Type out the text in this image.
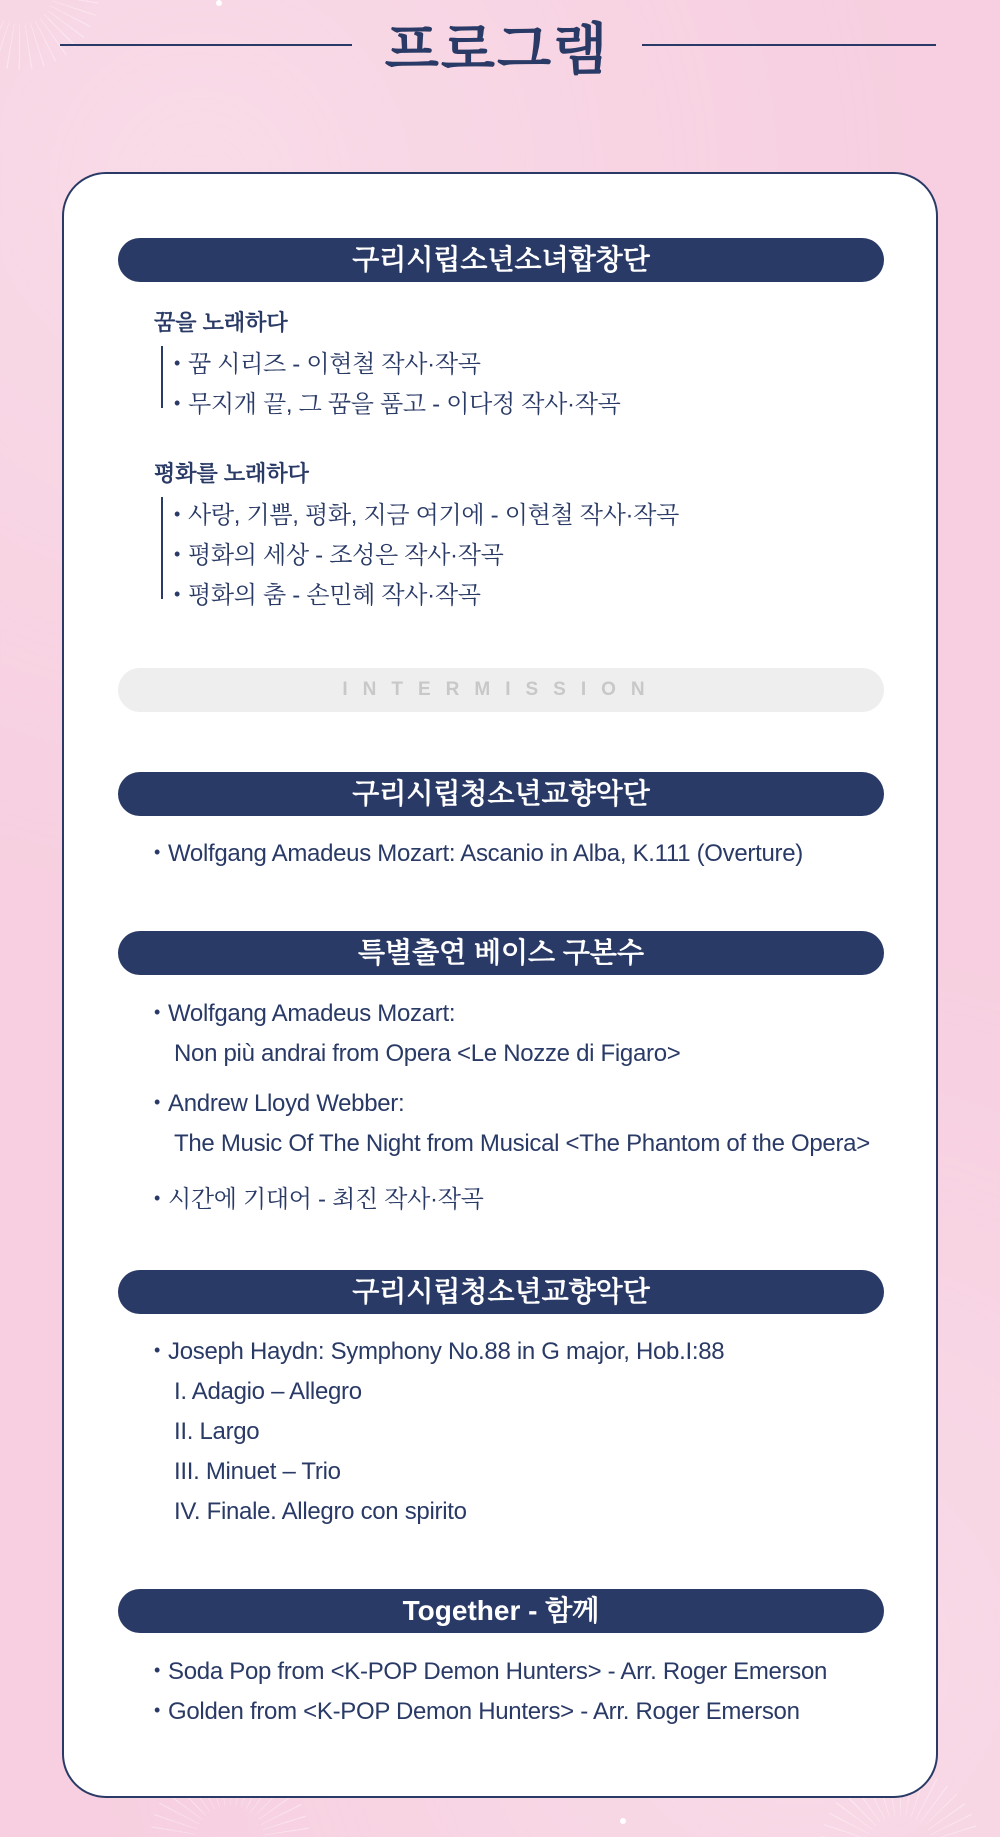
프로그램
구리시립소년소녀합창단
꿈을 노래하다
• 꿈 시리즈 - 이현철 작사·작곡
• 무지개 끝, 그 꿈을 품고 - 이다정 작사·작곡
평화를 노래하다
• 사랑, 기쁨, 평화, 지금 여기에 - 이현철 작사·작곡
• 평화의 세상 - 조성은 작사·작곡
• 평화의 춤 - 손민혜 작사·작곡
INTERMISSION
구리시립청소년교향악단
• Wolfgang Amadeus Mozart: Ascanio in Alba, K.111 (Overture)
특별출연 베이스 구본수
• Wolfgang Amadeus Mozart:
Non più andrai from Opera <Le Nozze di Figaro>
• Andrew Lloyd Webber:
The Music Of The Night from Musical <The Phantom of the Opera>
• 시간에 기대어 - 최진 작사·작곡
구리시립청소년교향악단
• Joseph Haydn: Symphony No.88 in G major, Hob.I:88
I. Adagio – Allegro
II. Largo
III. Minuet – Trio
IV. Finale. Allegro con spirito
Together - 함께
• Soda Pop from <K-POP Demon Hunters> - Arr. Roger Emerson
• Golden from <K-POP Demon Hunters> - Arr. Roger Emerson
